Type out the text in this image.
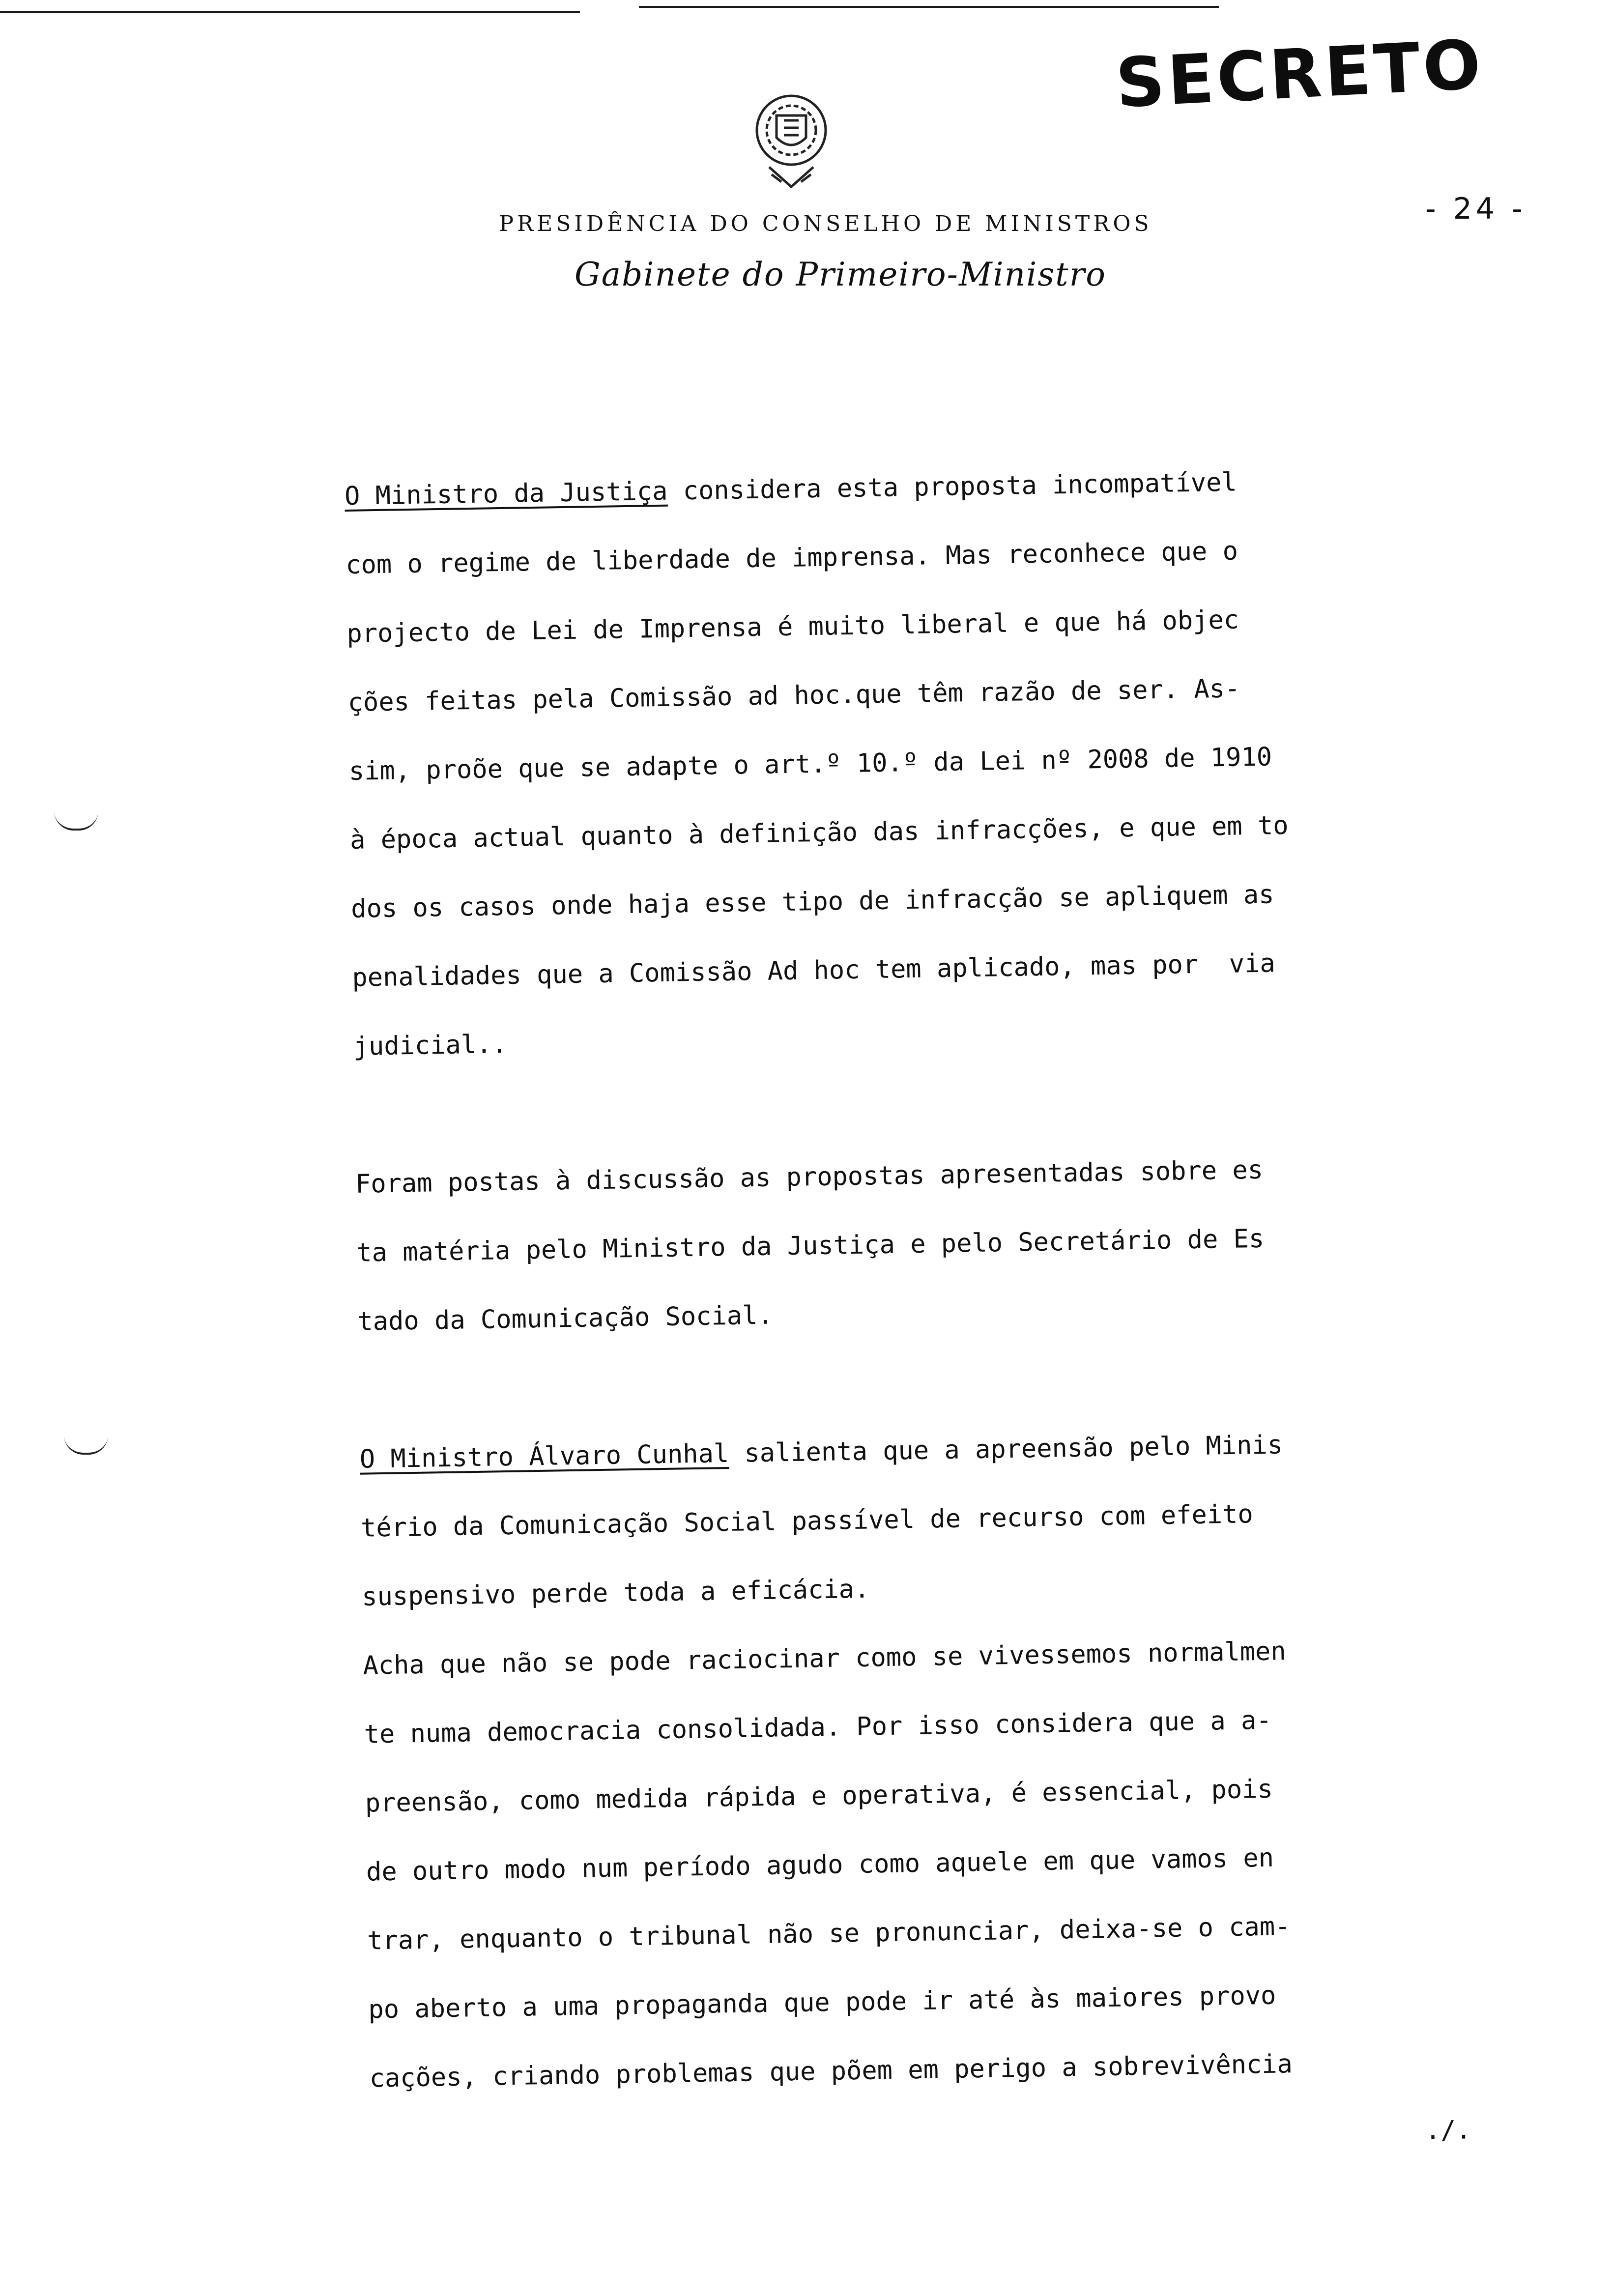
SECRETO
- 24 -
PRESIDÊNCIA DO CONSELHO DE MINISTROS
Gabinete do Primeiro-Ministro
O Ministro da Justiça considera esta proposta incompatível
com o regime de liberdade de imprensa. Mas reconhece que o
projecto de Lei de Imprensa é muito liberal e que há objec
ções feitas pela Comissão ad hoc.que têm razão de ser. As-
sim, proõe que se adapte o art.º 10.º da Lei nº 2008 de 1910
à época actual quanto à definição das infracções, e que em to
dos os casos onde haja esse tipo de infracção se apliquem as
penalidades que a Comissão Ad hoc tem aplicado, mas por  via
judicial..
Foram postas à discussão as propostas apresentadas sobre es
ta matéria pelo Ministro da Justiça e pelo Secretário de Es
tado da Comunicação Social.
O Ministro Álvaro Cunhal salienta que a apreensão pelo Minis
tério da Comunicação Social passível de recurso com efeito
suspensivo perde toda a eficácia.
Acha que não se pode raciocinar como se vivessemos normalmen
te numa democracia consolidada. Por isso considera que a a-
preensão, como medida rápida e operativa, é essencial, pois
de outro modo num período agudo como aquele em que vamos en
trar, enquanto o tribunal não se pronunciar, deixa-se o cam-
po aberto a uma propaganda que pode ir até às maiores provo
cações, criando problemas que põem em perigo a sobrevivência
./.
